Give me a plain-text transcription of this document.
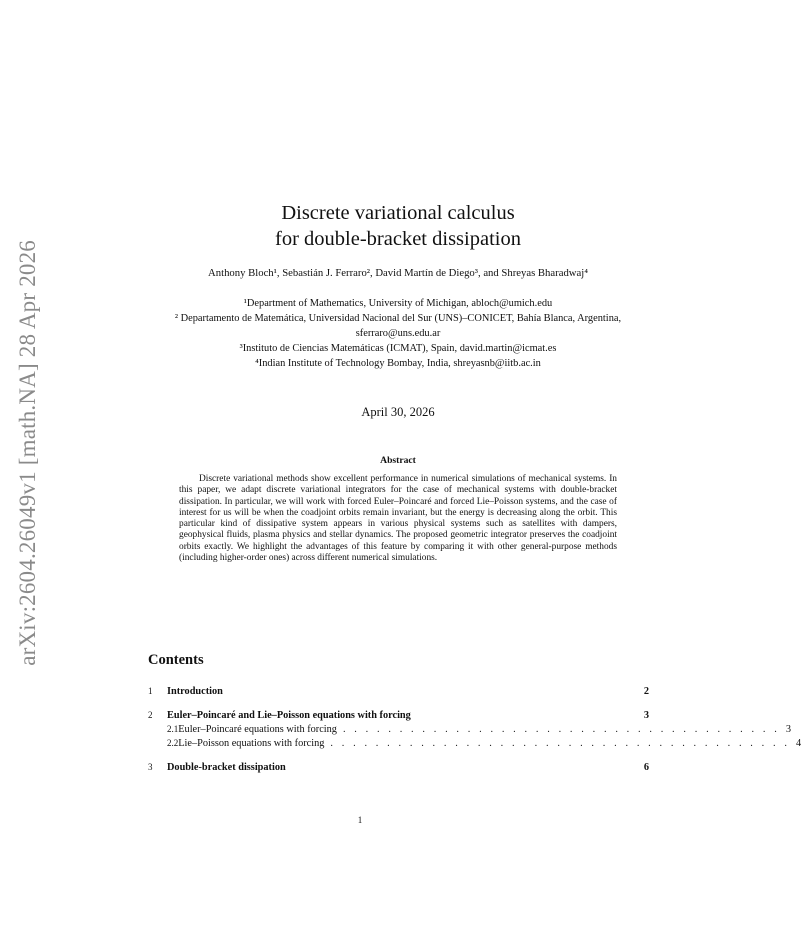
arXiv:2604.26049v1 [math.NA] 28 Apr 2026
Discrete variational calculus
for double-bracket dissipation
Anthony Bloch¹, Sebastián J. Ferraro², David Martín de Diego³, and Shreyas Bharadwaj⁴
¹Department of Mathematics, University of Michigan, abloch@umich.edu
² Departamento de Matemática, Universidad Nacional del Sur (UNS)–CONICET, Bahía Blanca, Argentina, sferraro@uns.edu.ar
³Instituto de Ciencias Matemáticas (ICMAT), Spain, david.martin@icmat.es
⁴Indian Institute of Technology Bombay, India, shreyasnb@iitb.ac.in
April 30, 2026
Abstract
Discrete variational methods show excellent performance in numerical simulations of mechanical systems. In this paper, we adapt discrete variational integrators for the case of mechanical systems with double-bracket dissipation. In particular, we will work with forced Euler–Poincaré and forced Lie–Poisson systems, and the case of interest for us will be when the coadjoint orbits remain invariant, but the energy is decreasing along the orbit. This particular kind of dissipative system appears in various physical systems such as satellites with dampers, geophysical fluids, plasma physics and stellar dynamics. The proposed geometric integrator preserves the coadjoint orbits exactly. We highlight the advantages of this feature by comparing it with other general-purpose methods (including higher-order ones) across different numerical simulations.
Contents
1	Introduction	2
2	Euler–Poincaré and Lie–Poisson equations with forcing	3
2.1 Euler–Poincaré equations with forcing . . . . . . . . . . . . . . . . . . . . . . . . . . . . . . . . . . . . . . . 3
2.2 Lie–Poisson equations with forcing . . . . . . . . . . . . . . . . . . . . . . . . . . . . . . . . . . . . . . . . . 4
3	Double-bracket dissipation	6
1
